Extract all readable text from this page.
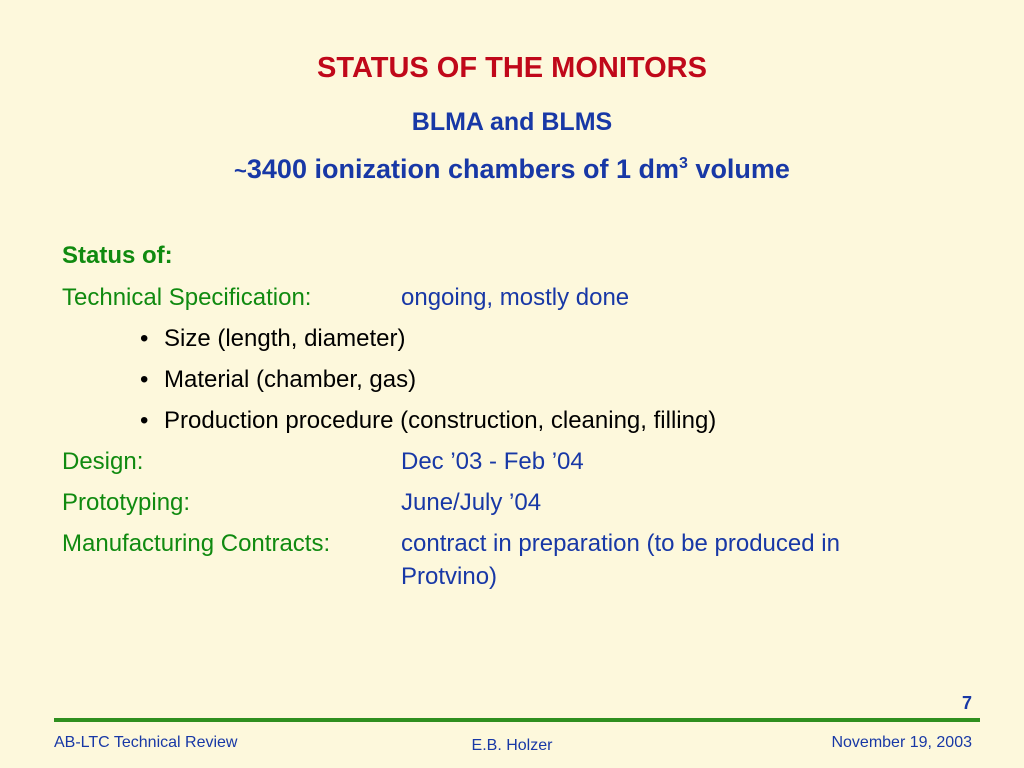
STATUS OF THE MONITORS
BLMA and BLMS
~3400 ionization chambers of 1 $dm^3$ volume
Status of:
Technical Specification:	ongoing, mostly done
• Size (length, diameter)
• Material (chamber, gas)
• Production procedure (construction, cleaning, filling)
Design:	Dec ’03 - Feb ’04
Prototyping:	June/July ’04
Manufacturing Contracts:	contract in preparation (to be produced in
Protvino)
7
AB-LTC Technical Review	E.B. Holzer	November 19, 2003
